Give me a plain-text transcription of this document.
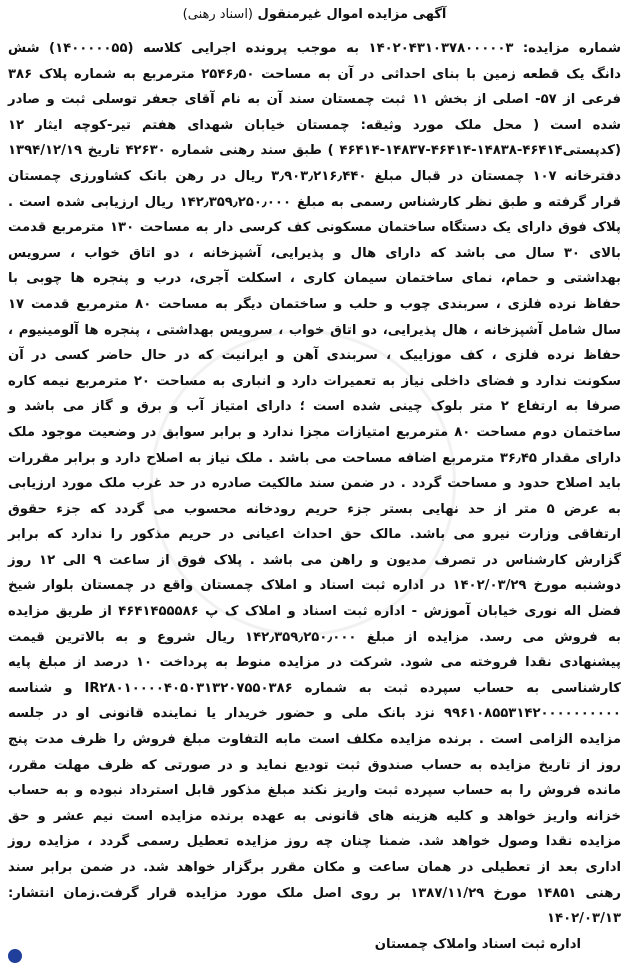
آگهی مزایده اموال غیرمنقول (اسناد رهنی)

شماره مزایده: ۱۴۰۲۰۴۳۱۰۳۷۸۰۰۰۰۰۳ به موجب پرونده اجرایی کلاسه (۱۴۰۰۰۰۰۵۵) شش دانگ یک قطعه زمین با بنای احداثی در آن به مساحت ۲۵۴۶٫۵۰ مترمربع به شماره پلاک ۳۸۶ فرعی از ۵۷- اصلی از بخش ۱۱ ثبت چمستان سند آن به نام آقای جعفر توسلی ثبت و صادر شده است ( محل ملک مورد وثیقه: چمستان خیابان شهدای هفتم تیر-کوچه ایثار ۱۲ (کدپستی۴۶۴۱۴-۱۴۸۳۸-۴۶۴۱۴-۱۴۸۳۷-۴۶۴۱۴ ) طبق سند رهنی شماره ۴۲۶۳۰ تاریخ ۱۳۹۴/۱۲/۱۹ دفترخانه ۱۰۷ چمستان در قبال مبلغ ۳٫۹۰۳٫۲۱۶٫۴۴۰ ریال در رهن بانک کشاورزی چمستان قرار گرفته و طبق نظر کارشناس رسمی به مبلغ ۱۴۲٫۳۵۹٫۲۵۰٫۰۰۰ ریال ارزیابی شده است . پلاک فوق دارای یک دستگاه ساختمان مسکونی کف کرسی دار به مساحت ۱۳۰ مترمربع قدمت بالای ۳۰ سال می باشد که دارای هال و پذیرایی، آشپزخانه ، دو اتاق خواب ، سرویس بهداشتی و حمام، نمای ساختمان سیمان کاری ، اسکلت آجری، درب و پنجره ها چوبی با حفاظ نرده فلزی ، سربندی چوب و حلب و ساختمان دیگر به مساحت ۸۰ مترمربع قدمت ۱۷ سال شامل آشپزخانه ، هال پذیرایی، دو اتاق خواب ، سرویس بهداشتی ، پنجره ها آلومینیوم ، حفاظ نرده فلزی ، کف موزاییک ، سربندی آهن و ایرانیت که در حال حاضر کسی در آن سکونت ندارد و فضای داخلی نیاز به تعمیرات دارد و انباری به مساحت ۲۰ مترمربع نیمه کاره صرفا به ارتفاع ۲ متر بلوک چینی شده است ؛ دارای امتیاز آب و برق و گاز می باشد و ساختمان دوم مساحت ۸۰ مترمربع امتیازات مجزا ندارد و برابر سوابق در وضعیت موجود ملک دارای مقدار ۳۶٫۴۵ مترمربع اضافه مساحت می باشد . ملک نیاز به اصلاح دارد و برابر مقررات باید اصلاح حدود و مساحت گردد . در ضمن سند مالکیت صادره در حد غرب ملک مورد ارزیابی به عرض ۵ متر از حد نهایی بستر جزء حریم رودخانه محسوب می گردد که جزء حقوق ارتفاقی وزارت نیرو می باشد. مالک حق احداث اعیانی در حریم مذکور را ندارد که برابر گزارش کارشناس در تصرف مدیون و راهن می باشد . پلاک فوق از ساعت ۹ الی ۱۲ روز دوشنبه مورخ ۱۴۰۲/۰۳/۲۹ در اداره ثبت اسناد و املاک چمستان واقع در چمستان بلوار شیخ فضل اله نوری خیابان آموزش - اداره ثبت اسناد و املاک ک پ ۴۶۴۱۴۵۵۵۸۶ از طریق مزایده به فروش می رسد. مزایده از مبلغ ۱۴۲٫۳۵۹٫۲۵۰٫۰۰۰ ریال شروع و به بالاترین قیمت پیشنهادی نقدا فروخته می شود. شرکت در مزایده منوط به پرداخت ۱۰ درصد از مبلغ پایه کارشناسی به حساب سپرده ثبت به شماره IR۲۸۰۱۰۰۰۰۴۰۵۰۳۱۳۲۰۷۵۵۰۳۸۶ و شناسه ۹۹۶۱۰۸۵۵۳۱۴۲۰۰۰۰۰۰۰۰۰۰ نزد بانک ملی و حضور خریدار یا نماینده قانونی او در جلسه مزایده الزامی است . برنده مزایده مکلف است مابه التفاوت مبلغ فروش را ظرف مدت پنج روز از تاریخ مزایده به حساب صندوق ثبت تودیع نماید و در صورتی که ظرف مهلت مقرر، مانده فروش را به حساب سپرده ثبت واریز نکند مبلغ مذکور قابل استرداد نبوده و به حساب خزانه واریز خواهد و کلیه هزینه های قانونی به عهده برنده مزایده است نیم عشر و حق مزایده نقدا وصول خواهد شد. ضمنا چنان چه روز مزایده تعطیل رسمی گردد ، مزایده روز اداری بعد از تعطیلی در همان ساعت و مکان مقرر برگزار خواهد شد. در ضمن برابر سند رهنی ۱۴۸۵۱ مورخ ۱۳۸۷/۱۱/۲۹ بر روی اصل ملک مورد مزایده قرار گرفت.زمان انتشار: ۱۴۰۲/۰۳/۱۳

اداره ثبت اسناد واملاک چمستان
